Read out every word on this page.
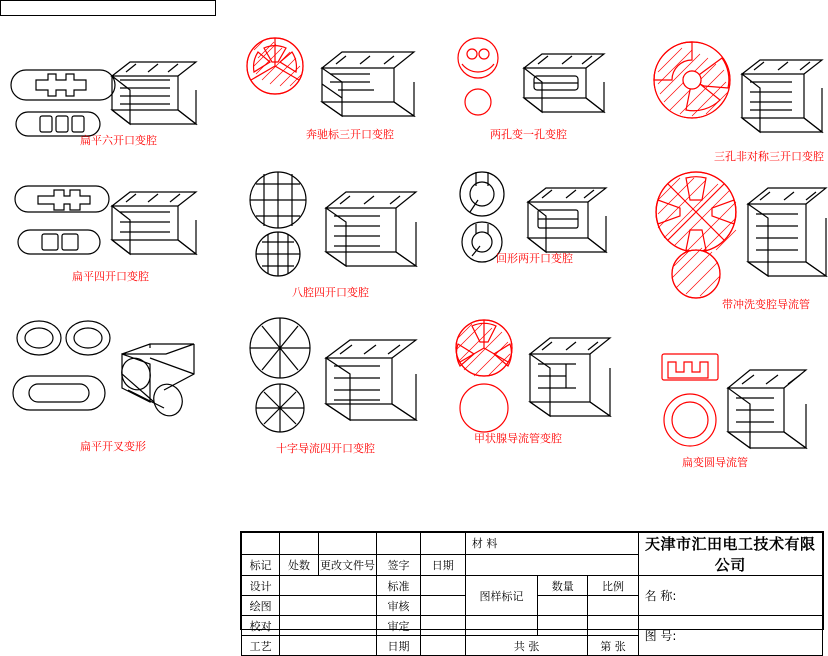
扁平六开口变腔	奔驰标三开口变腔	两孔变一孔变腔
三孔非对称三开口变腔
扁平四开口变腔
八腔四开口变腔
回形两开口变腔
带冲洗变腔导流管
扁平开叉变形	十字导流四开口变腔
甲状腺导流管变腔
扁变圆导流管
					材 料			天津市汇田电工技术有限公司
标记	处数	更改文件号	签字	日期				
设计			标准		图样标记	数量	比例	名 称:
绘图			审核					
校对			审定					图 号:
工艺			日期		共 张		第 张	
